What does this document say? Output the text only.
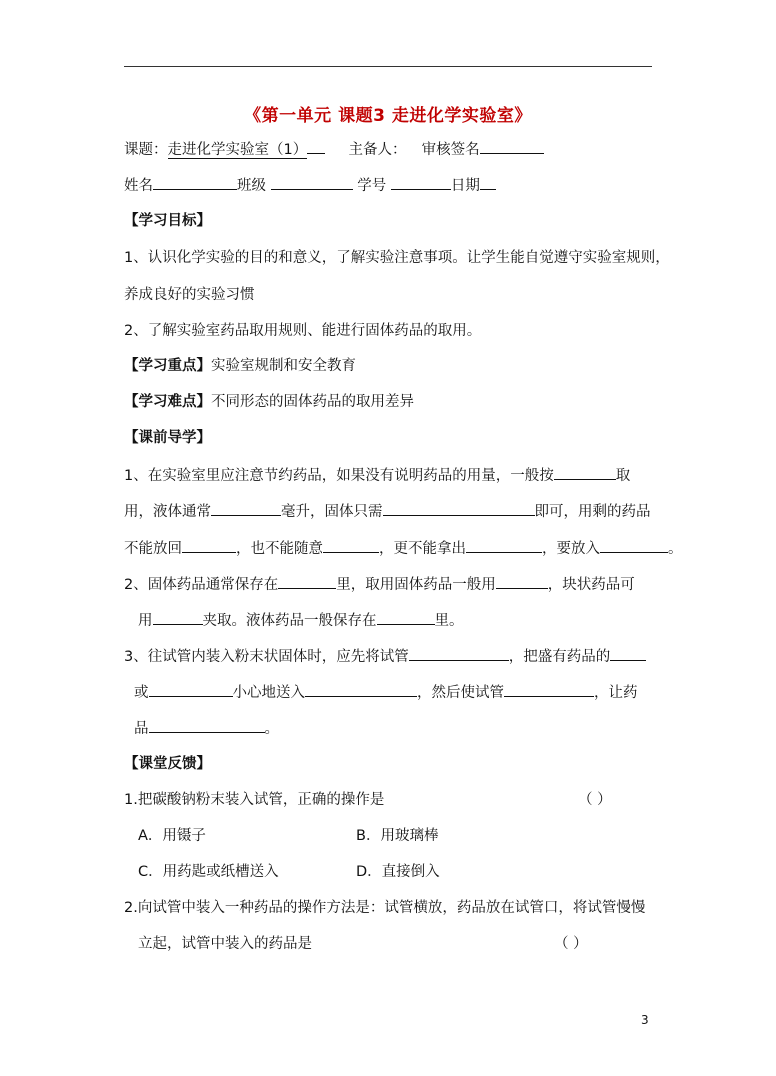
《第一单元 课题3 走进化学实验室》
课题：走进化学实验室（1）	主备人： 审核签名
姓名	班级	学号	日期
【学习目标】
1、认识化学实验的目的和意义，了解实验注意事项。让学生能自觉遵守实验室规则，
养成良好的实验习惯
2、了解实验室药品取用规则、能进行固体药品的取用。
【学习重点】实验室规制和安全教育
【学习难点】不同形态的固体药品的取用差异
【课前导学】
1、在实验室里应注意节约药品，如果没有说明药品的用量，一般按	取
用，液体通常	毫升，固体只需	即可，用剩的药品
不能放回	，也不能随意	，更不能拿出	，要放入	。
2、固体药品通常保存在	里，取用固体药品一般用	，块状药品可
用	夹取。液体药品一般保存在	里。
3、往试管内装入粉末状固体时，应先将试管	，把盛有药品的
或	小心地送入	，然后使试管	，让药
品	。
【课堂反馈】
1.把碳酸钠粉末装入试管，正确的操作是	（ ）
A．用镊子	B．用玻璃棒
C．用药匙或纸槽送入	D．直接倒入
2.向试管中装入一种药品的操作方法是：试管横放，药品放在试管口，将试管慢慢
立起，试管中装入的药品是	（ ）
3
